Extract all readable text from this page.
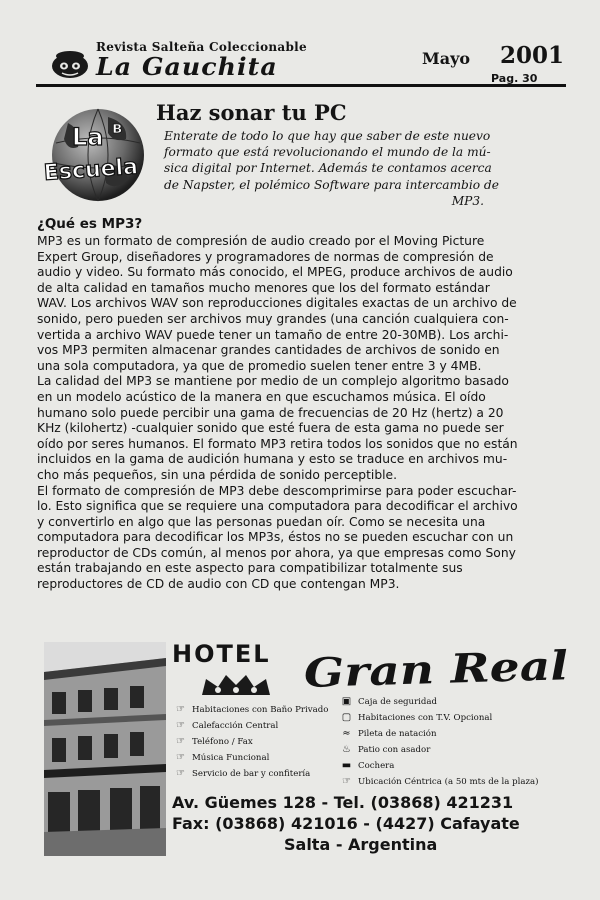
Revista Salteña Coleccionable
La Gauchita	Mayo 2001
Pag. 30
La ʙ
Escuela
Haz sonar tu PC
Enterate de todo lo que hay que saber de este nuevo
formato que está revolucionando el mundo de la mú-
sica digital por Internet. Además te contamos acerca
de Napster, el polémico Software para intercambio de
MP3.
¿Qué es MP3?
MP3 es un formato de compresión de audio creado por el Moving Picture
Expert Group, diseñadores y programadores de normas de compresión de
audio y video. Su formato más conocido, el MPEG, produce archivos de audio
de alta calidad en tamaños mucho menores que los del formato estándar
WAV. Los archivos WAV son reproducciones digitales exactas de un archivo de
sonido, pero pueden ser archivos muy grandes (una canción cualquiera con-
vertida a archivo WAV puede tener un tamaño de entre 20-30MB). Los archi-
vos MP3 permiten almacenar grandes cantidades de archivos de sonido en
una sola computadora, ya que de promedio suelen tener entre 3 y 4MB.
La calidad del MP3 se mantiene por medio de un complejo algoritmo basado
en un modelo acústico de la manera en que escuchamos música. El oído
humano solo puede percibir una gama de frecuencias de 20 Hz (hertz) a 20
KHz (kilohertz) -cualquier sonido que esté fuera de esta gama no puede ser
oído por seres humanos. El formato MP3 retira todos los sonidos que no están
incluidos en la gama de audición humana y esto se traduce en archivos mu-
cho más pequeños, sin una pérdida de sonido perceptible.
El formato de compresión de MP3 debe descomprimirse para poder escuchar-
lo. Esto significa que se requiere una computadora para decodificar el archivo
y convertirlo en algo que las personas puedan oír. Como se necesita una
computadora para decodificar los MP3s, éstos no se pueden escuchar con un
reproductor de CDs común, al menos por ahora, ya que empresas como Sony
están trabajando en este aspecto para compatibilizar totalmente sus
reproductores de CD de audio con CD que contengan MP3.
HOTEL Gran Real
☞ Habitaciones con Baño Privado
☞ Calefacción Central
☞ Teléfono / Fax
☞ Música Funcional
☞ Servicio de bar y confitería
▣ Caja de seguridad
▢ Habitaciones con T.V. Opcional
≈ Pileta de natación
♨ Patio con asador
▬ Cochera
☞ Ubicación Céntrica (a 50 mts de la plaza)
Av. Güemes 128 - Tel. (03868) 421231
Fax: (03868) 421016 - (4427) Cafayate
Salta - Argentina
